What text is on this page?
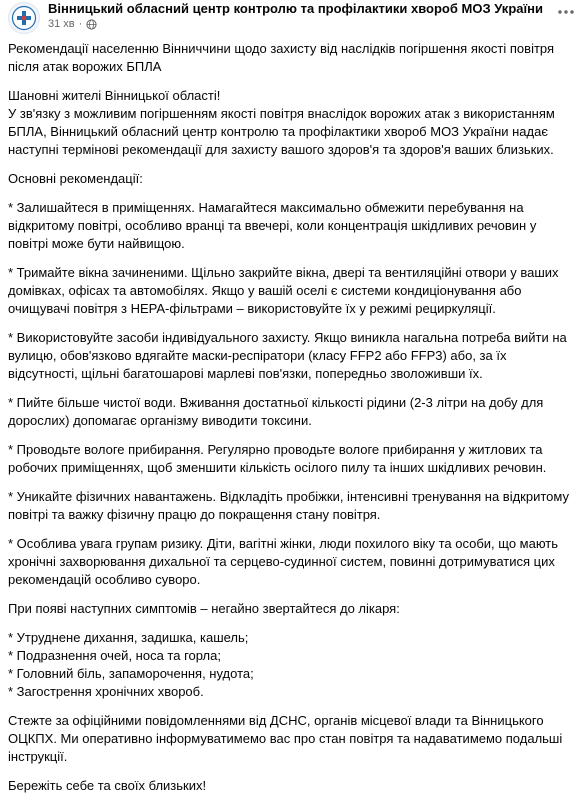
Вінницький обласний центр контролю та профілактики хвороб МОЗ України
31 хв ·

Рекомендації населенню Вінниччини щодо захисту від наслідків погіршення якості повітря після атак ворожих БПЛА

Шановні жителі Вінницької області!
У зв'язку з можливим погіршенням якості повітря внаслідок ворожих атак з використанням БПЛА, Вінницький обласний центр контролю та профілактики хвороб МОЗ України надає наступні термінові рекомендації для захисту вашого здоров'я та здоров'я ваших близьких.

Основні рекомендації:

* Залишайтеся в приміщеннях. Намагайтеся максимально обмежити перебування на відкритому повітрі, особливо вранці та ввечері, коли концентрація шкідливих речовин у повітрі може бути найвищою.

* Тримайте вікна зачиненими. Щільно закрийте вікна, двері та вентиляційні отвори у ваших домівках, офісах та автомобілях. Якщо у вашій оселі є системи кондиціонування або очищувачі повітря з HEPA-фільтрами – використовуйте їх у режимі рециркуляції.

* Використовуйте засоби індивідуального захисту. Якщо виникла нагальна потреба вийти на вулицю, обов'язково вдягайте маски-респіратори (класу FFP2 або FFP3) або, за їх відсутності, щільні багатошарові марлеві пов'язки, попередньо зволоживши їх.

* Пийте більше чистої води. Вживання достатньої кількості рідини (2-3 літри на добу для дорослих) допомагає організму виводити токсини.

* Проводьте вологе прибирання. Регулярно проводьте вологе прибирання у житлових та робочих приміщеннях, щоб зменшити кількість осілого пилу та інших шкідливих речовин.

* Уникайте фізичних навантажень. Відкладіть пробіжки, інтенсивні тренування на відкритому повітрі та важку фізичну працю до покращення стану повітря.

* Особлива увага групам ризику. Діти, вагітні жінки, люди похилого віку та особи, що мають хронічні захворювання дихальної та серцево-судинної систем, повинні дотримуватися цих рекомендацій особливо суворо.

При появі наступних симптомів – негайно звертайтеся до лікаря:

* Утруднене дихання, задишка, кашель;

* Подразнення очей, носа та горла;

* Головний біль, запаморочення, нудота;

* Загострення хронічних хвороб.

Стежте за офіційними повідомленнями від ДСНС, органів місцевої влади та Вінницького ОЦКПХ. Ми оперативно інформуватимемо вас про стан повітря та надаватимемо подальші інструкції.

Бережіть себе та своїх близьких!
